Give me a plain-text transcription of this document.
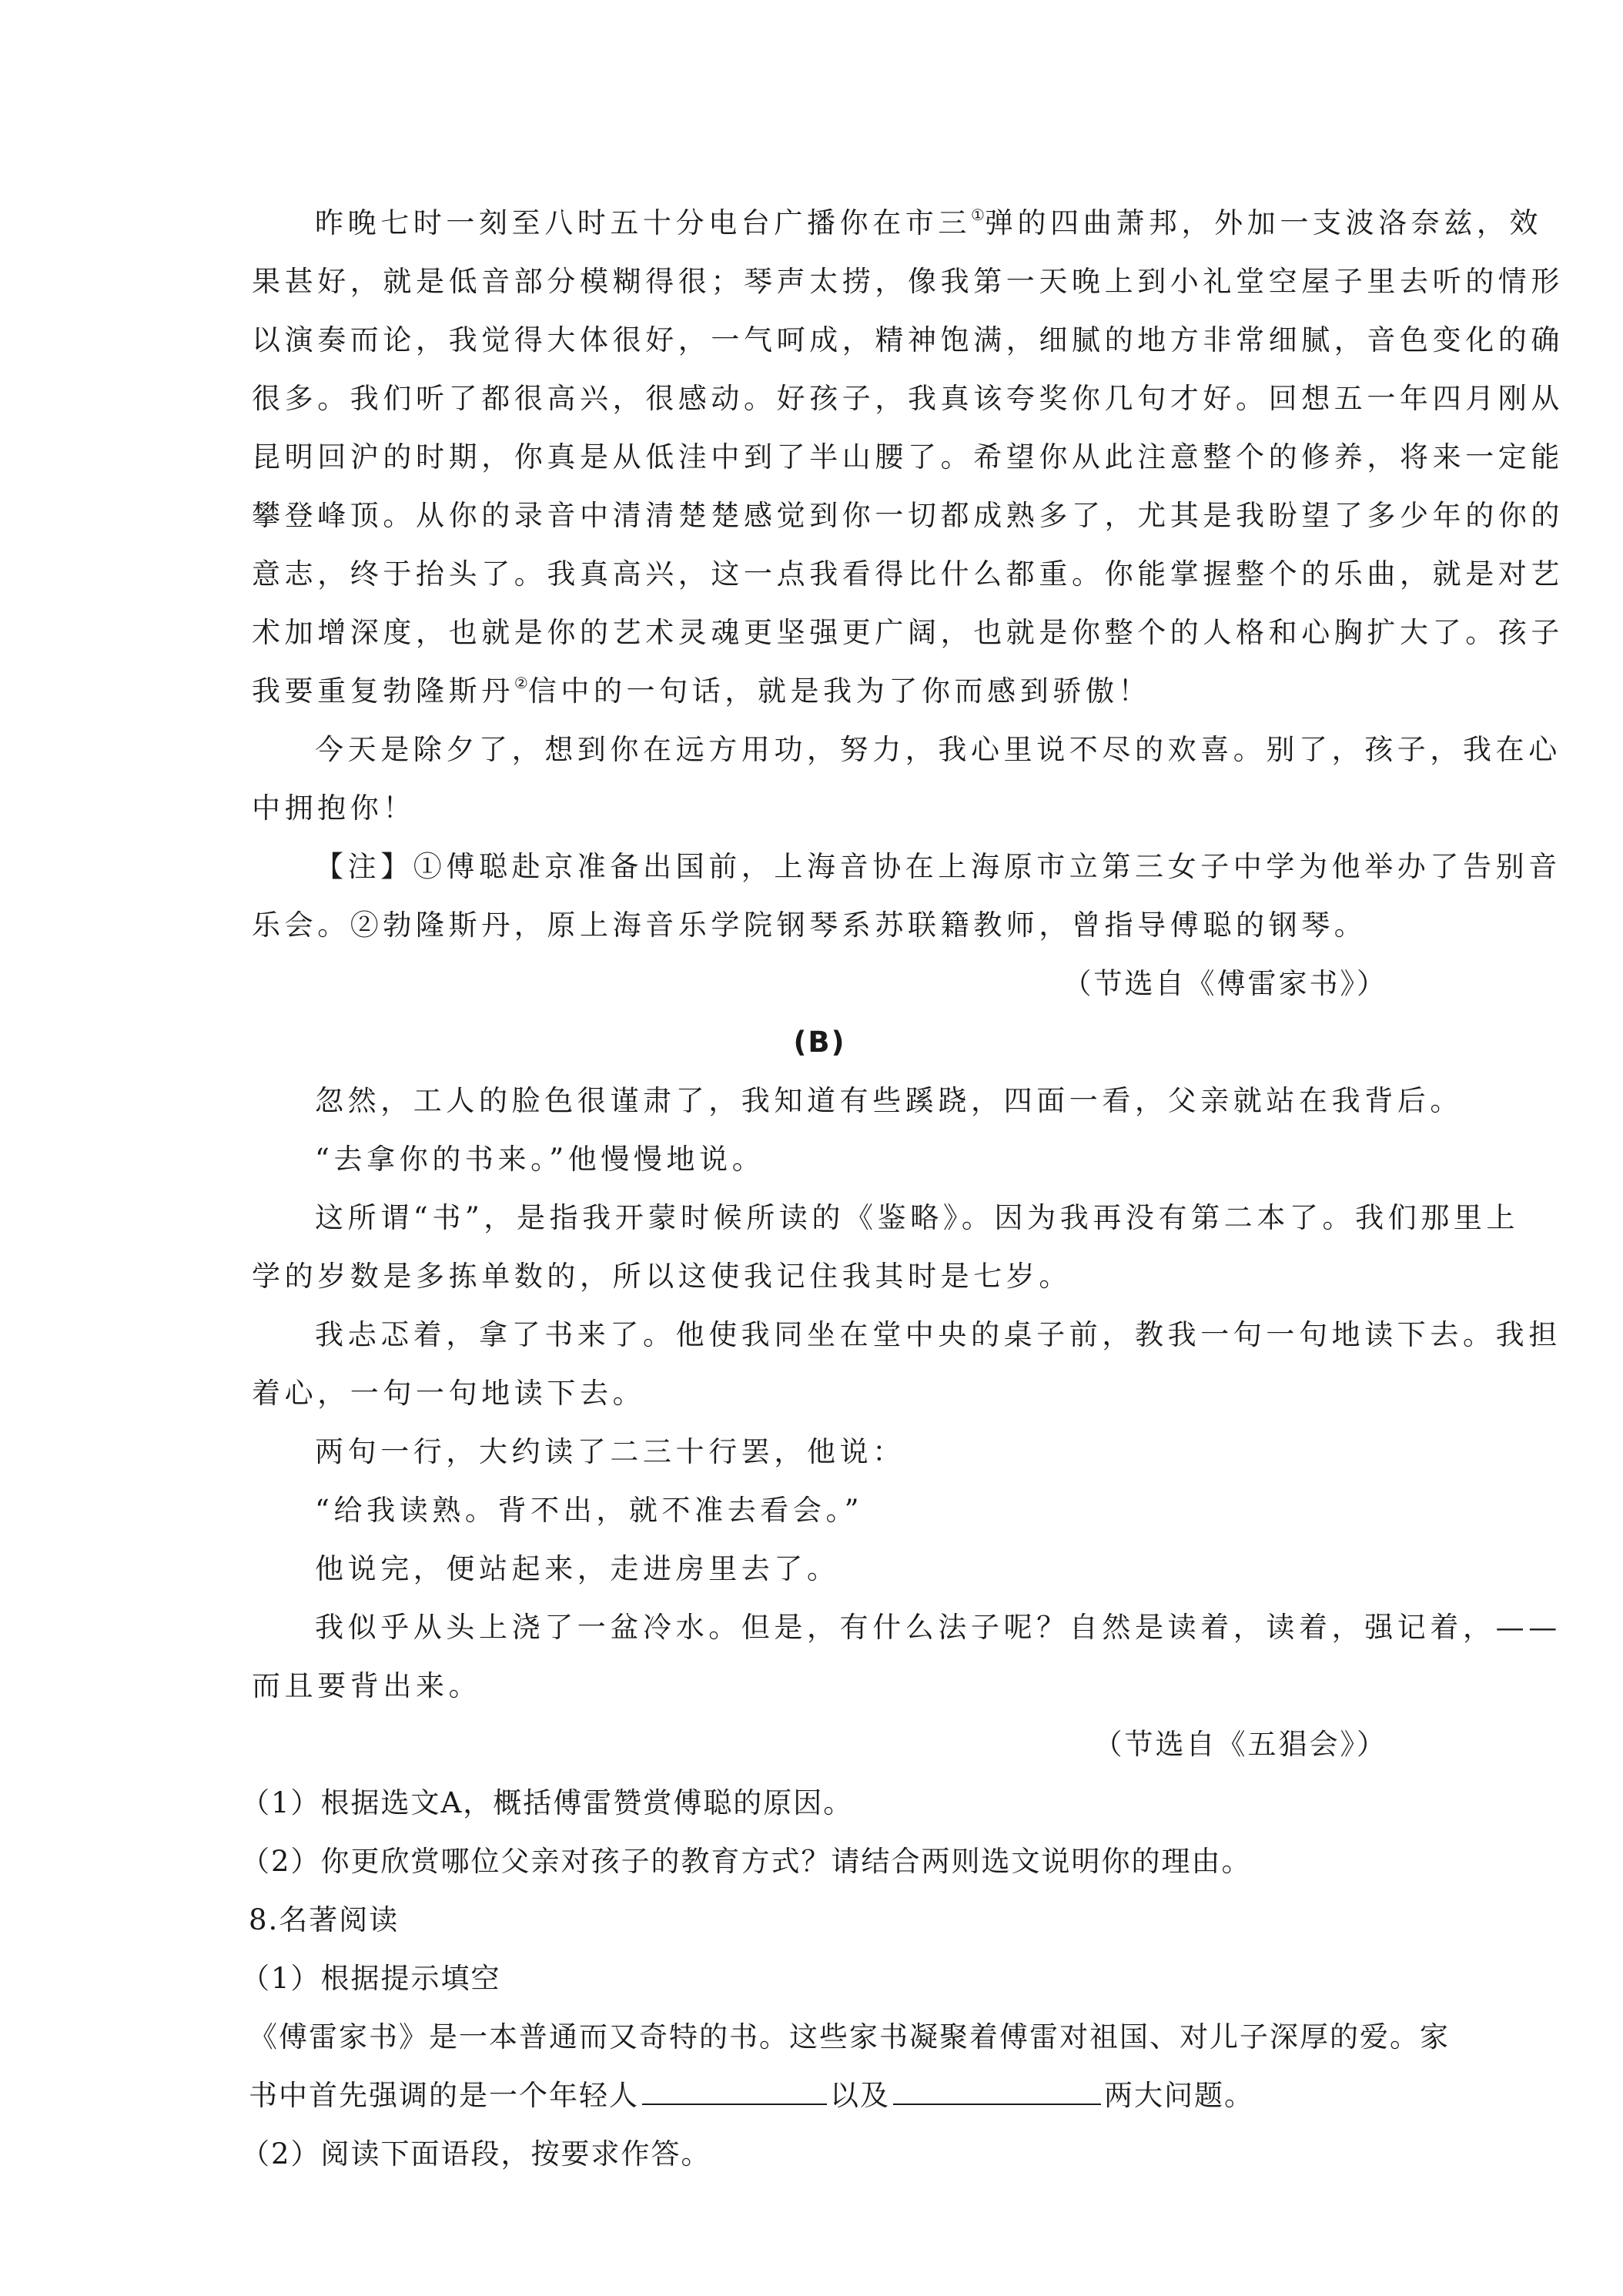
昨晚七时一刻至八时五十分电台广播你在市三①弹的四曲萧邦，外加一支波洛奈兹，效
果甚好，就是低音部分模糊得很；琴声太捞，像我第一天晚上到小礼堂空屋子里去听的情形
以演奏而论，我觉得大体很好，一气呵成，精神饱满，细腻的地方非常细腻，音色变化的确
很多。我们听了都很高兴，很感动。好孩子，我真该夸奖你几句才好。回想五一年四月刚从
昆明回沪的时期，你真是从低洼中到了半山腰了。希望你从此注意整个的修养，将来一定能
攀登峰顶。从你的录音中清清楚楚感觉到你一切都成熟多了，尤其是我盼望了多少年的你的
意志，终于抬头了。我真高兴，这一点我看得比什么都重。你能掌握整个的乐曲，就是对艺
术加增深度，也就是你的艺术灵魂更坚强更广阔，也就是你整个的人格和心胸扩大了。孩子
我要重复勃隆斯丹②信中的一句话，就是我为了你而感到骄傲！
今天是除夕了，想到你在远方用功，努力，我心里说不尽的欢喜。别了，孩子，我在心
中拥抱你！
【注】①傅聪赴京准备出国前，上海音协在上海原市立第三女子中学为他举办了告别音
乐会。②勃隆斯丹，原上海音乐学院钢琴系苏联籍教师，曾指导傅聪的钢琴。
（节选自《傅雷家书》）
(B)
忽然，工人的脸色很谨肃了，我知道有些蹊跷，四面一看，父亲就站在我背后。
“去拿你的书来。”他慢慢地说。
这所谓“书”，是指我开蒙时候所读的《鉴略》。因为我再没有第二本了。我们那里上
学的岁数是多拣单数的，所以这使我记住我其时是七岁。
我忐忑着，拿了书来了。他使我同坐在堂中央的桌子前，教我一句一句地读下去。我担
着心，一句一句地读下去。
两句一行，大约读了二三十行罢，他说：
“给我读熟。背不出，就不准去看会。”
他说完，便站起来，走进房里去了。
我似乎从头上浇了一盆冷水。但是，有什么法子呢？自然是读着，读着，强记着，——
而且要背出来。
（节选自《五猖会》）
（1）根据选文A，概括傅雷赞赏傅聪的原因。
（2）你更欣赏哪位父亲对孩子的教育方式？请结合两则选文说明你的理由。
8.名著阅读
（1）根据提示填空
《傅雷家书》是一本普通而又奇特的书。这些家书凝聚着傅雷对祖国、对儿子深厚的爱。家
书中首先强调的是一个年轻人	以及	两大问题。
（2）阅读下面语段，按要求作答。
